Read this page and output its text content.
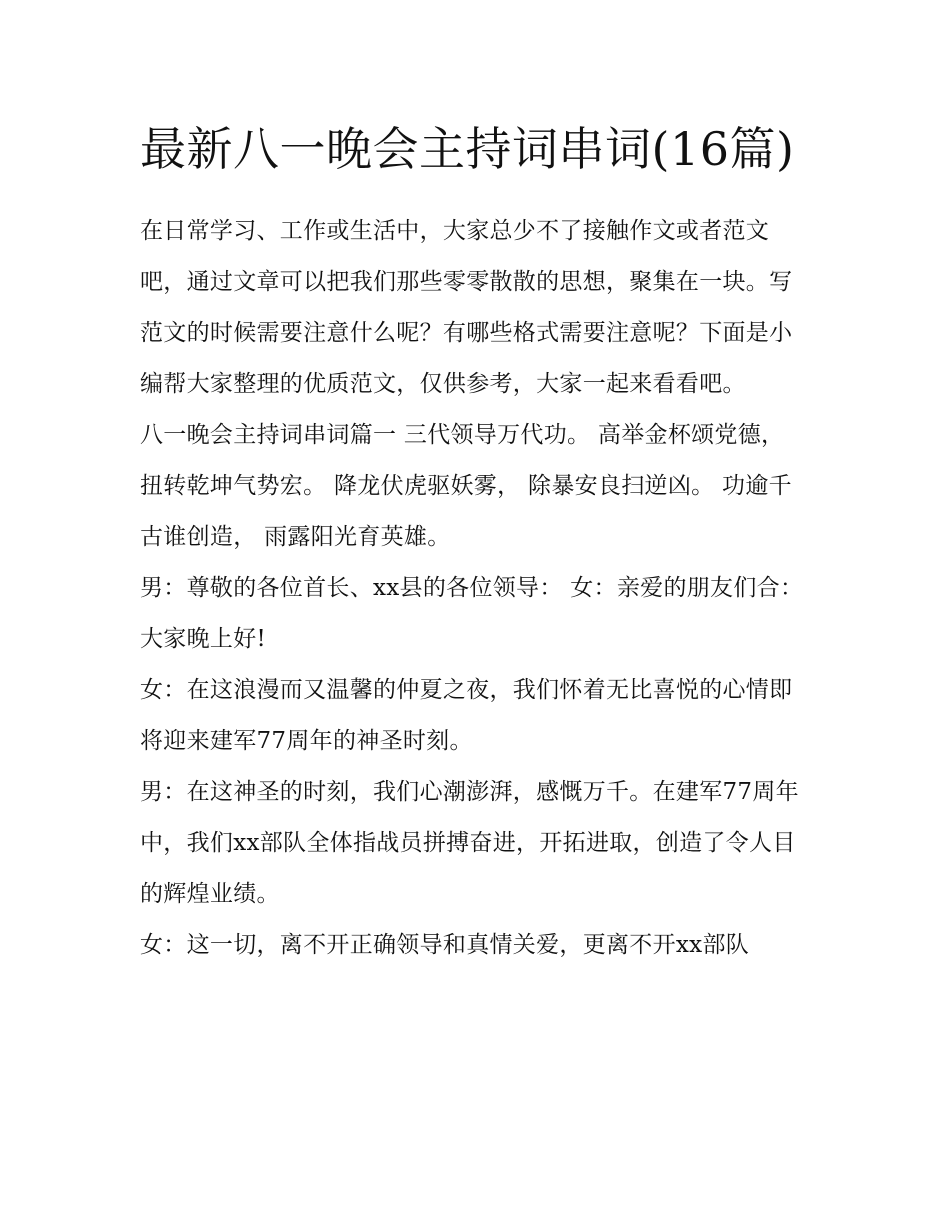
最新八一晚会主持词串词(16篇)

在日常学习、工作或生活中，大家总少不了接触作文或者范文吧，通过文章可以把我们那些零零散散的思想，聚集在一块。写范文的时候需要注意什么呢？有哪些格式需要注意呢？下面是小编帮大家整理的优质范文，仅供参考，大家一起来看看吧。

八一晚会主持词串词篇一 三代领导万代功。 高举金杯颂党德， 扭转乾坤气势宏。 降龙伏虎驱妖雾， 除暴安良扫逆凶。 功逾千古谁创造， 雨露阳光育英雄。

男：尊敬的各位首长、xx县的各位领导： 女：亲爱的朋友们合：大家晚上好!

女：在这浪漫而又温馨的仲夏之夜，我们怀着无比喜悦的心情即将迎来建军77周年的神圣时刻。

男：在这神圣的时刻，我们心潮澎湃，感慨万千。在建军77周年中，我们xx部队全体指战员拼搏奋进，开拓进取，创造了令人目的辉煌业绩。

女：这一切，离不开正确领导和真情关爱，更离不开xx部队
